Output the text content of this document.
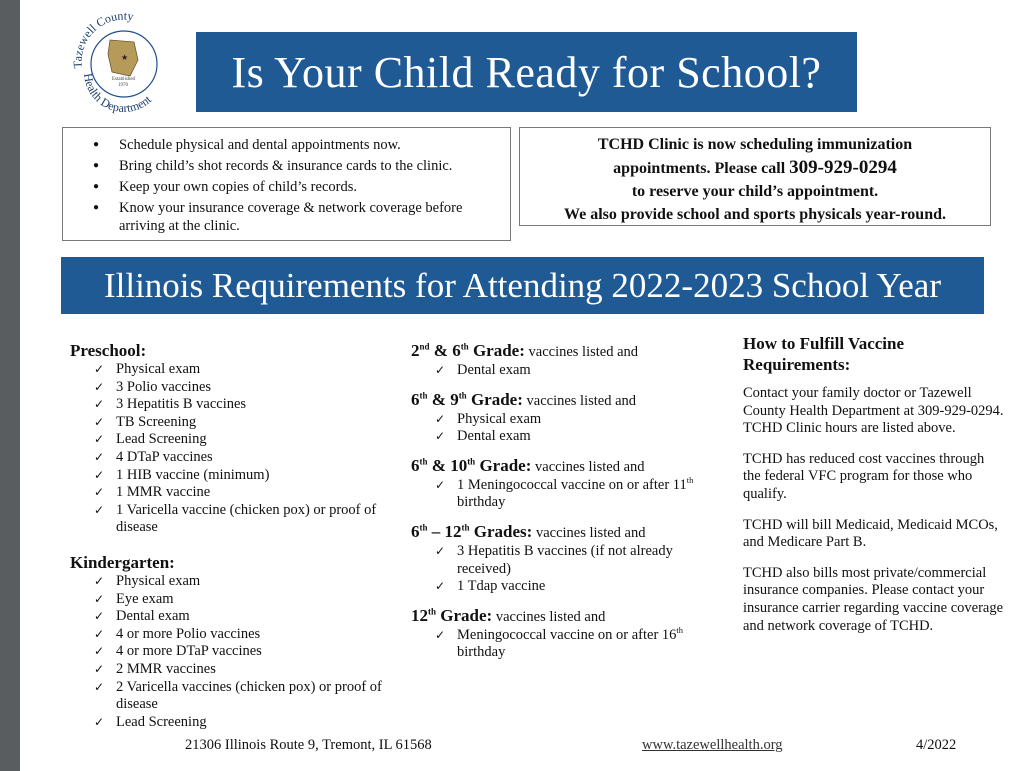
★
Established
1970
Tazewell County
Health Department
Is Your Child Ready for School?
● Schedule physical and dental appointments now.
● Bring child’s shot records & insurance cards to the clinic.
● Keep your own copies of child’s records.
● Know your insurance coverage & network coverage before arriving at the clinic.
TCHD Clinic is now scheduling immunization
appointments. Please call 309-929-0294
to reserve your child’s appointment.
We also provide school and sports physicals year-round.
Illinois Requirements for Attending 2022-2023 School Year
Preschool:
✓ Physical exam
✓ 3 Polio vaccines
✓ 3 Hepatitis B vaccines
✓ TB Screening
✓ Lead Screening
✓ 4 DTaP vaccines
✓ 1 HIB vaccine (minimum)
✓ 1 MMR vaccine
✓ 1 Varicella vaccine (chicken pox) or proof of disease
Kindergarten:
✓ Physical exam
✓ Eye exam
✓ Dental exam
✓ 4 or more Polio vaccines
✓ 4 or more DTaP vaccines
✓ 2 MMR vaccines
✓ 2 Varicella vaccines (chicken pox) or proof of disease
✓ Lead Screening
2nd & 6th Grade: vaccines listed and
✓ Dental exam
6th & 9th Grade: vaccines listed and
✓ Physical exam
✓ Dental exam
6th & 10th Grade: vaccines listed and
✓ 1 Meningococcal vaccine on or after 11th birthday
6th – 12th Grades: vaccines listed and
✓ 3 Hepatitis B vaccines (if not already received)
✓ 1 Tdap vaccine
12th Grade: vaccines listed and
✓ Meningococcal vaccine on or after 16th birthday
How to Fulfill Vaccine Requirements:

Contact your family doctor or Tazewell County Health Department at 309-929-0294. TCHD Clinic hours are listed above.

TCHD has reduced cost vaccines through the federal VFC program for those who qualify.

TCHD will bill Medicaid, Medicaid MCOs, and Medicare Part B.

TCHD also bills most private/commercial insurance companies. Please contact your insurance carrier regarding vaccine coverage and network coverage of TCHD.

21306 Illinois Route 9, Tremont, IL 61568	www.tazewellhealth.org	4/2022
